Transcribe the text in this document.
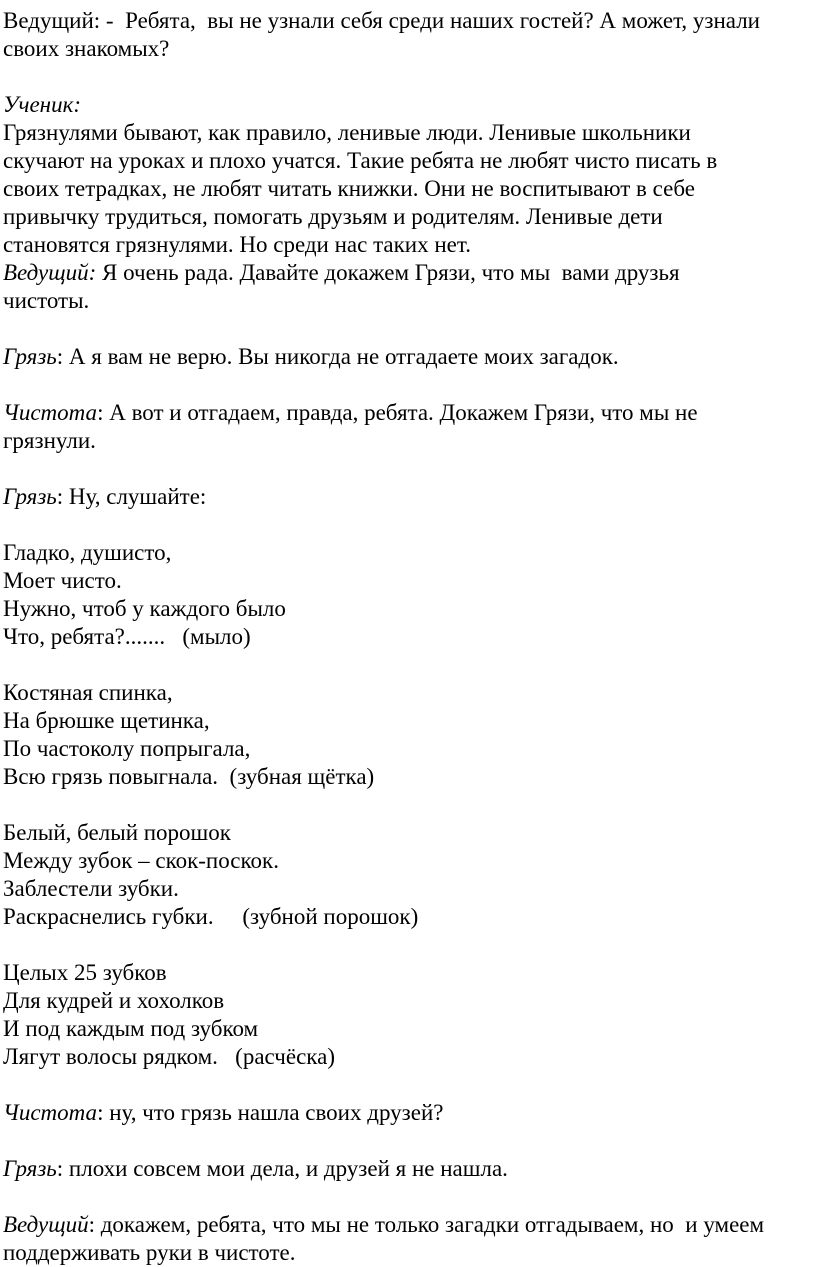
Ведущий: -  Ребята,  вы не узнали себя среди наших гостей? А может, узнали
своих знакомых?
Ученик:
Грязнулями бывают, как правило, ленивые люди. Ленивые школьники
скучают на уроках и плохо учатся. Такие ребята не любят чисто писать в
своих тетрадках, не любят читать книжки. Они не воспитывают в себе
привычку трудиться, помогать друзьям и родителям. Ленивые дети
становятся грязнулями. Но среди нас таких нет.
Ведущий: Я очень рада. Давайте докажем Грязи, что мы  вами друзья
чистоты.
Грязь: А я вам не верю. Вы никогда не отгадаете моих загадок.
Чистота: А вот и отгадаем, правда, ребята. Докажем Грязи, что мы не
грязнули.
Грязь: Ну, слушайте:
Гладко, душисто,
Моет чисто.
Нужно, чтоб у каждого было
Что, ребята?.......   (мыло)
Костяная спинка,
На брюшке щетинка,
По частоколу попрыгала,
Всю грязь повыгнала.  (зубная щётка)
Белый, белый порошок
Между зубок – скок-поскок.
Заблестели зубки.
Раскраснелись губки.     (зубной порошок)
Целых 25 зубков
Для кудрей и хохолков
И под каждым под зубком
Лягут волосы рядком.   (расчёска)
Чистота: ну, что грязь нашла своих друзей?
Грязь: плохи совсем мои дела, и друзей я не нашла.
Ведущий: докажем, ребята, что мы не только загадки отгадываем, но  и умеем
поддерживать руки в чистоте.
